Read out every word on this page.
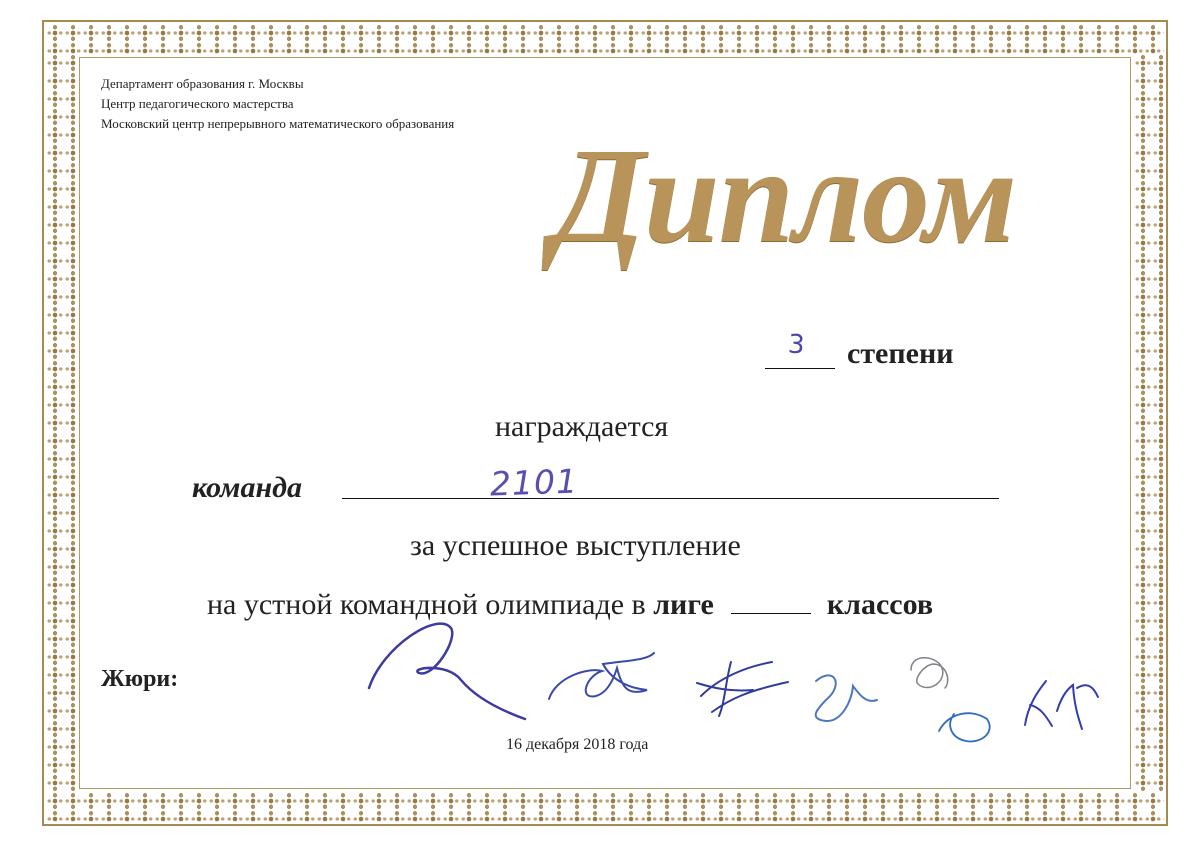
Департамент образования г. Москвы
Центр педагогического мастерства
Московский центр непрерывного математического образования Диплом
3 степени
награждается
команда	2101
за успешное выступление
на устной командной олимпиаде в лиге	классов
Жюри:
16 декабря 2018 года
